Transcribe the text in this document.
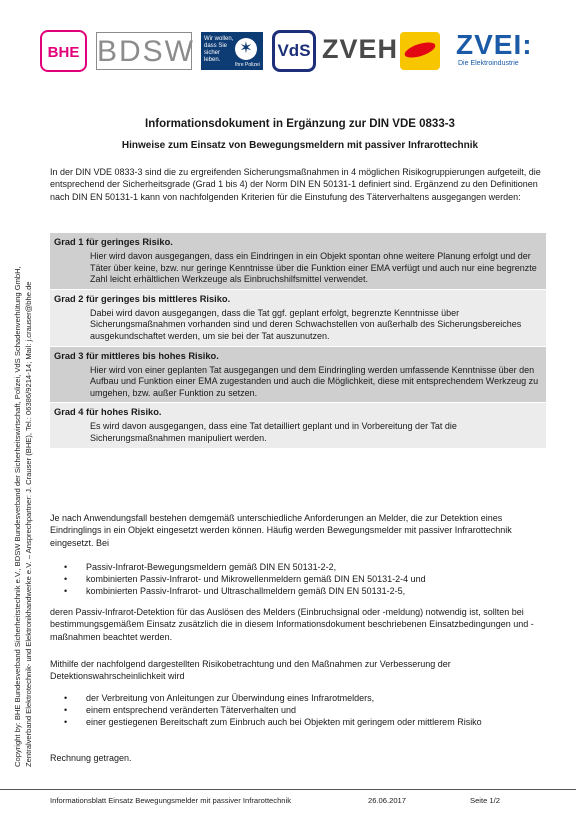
BHE BDSW Wir wollen, dass Sie sicher leben.
✶
Ihre Polizei
VdS ZVEH ZVEI:
Die Elektroindustrie
Copyright by: BHE Bundesverband Sicherheitstechnik e.V., BDSW Bundesverband der Sicherheitswirtschaft, Polizei, VdS Schadenverhütung GmbH, Zentralverband Elektrotechnik- und Elektronikhandwerke e.V. – Ansprechpartner: J. Crauser (BHE), Tel.: 06386/9214-14; Mail: j.crauser@bhe.de
Informationsdokument in Ergänzung zur DIN VDE 0833-3
Hinweise zum Einsatz von Bewegungsmeldern mit passiver Infrarottechnik
In der DIN VDE 0833-3 sind die zu ergreifenden Sicherungsmaßnahmen in 4 möglichen Risikogruppierungen aufgeteilt, die entsprechend der Sicherheitsgrade (Grad 1 bis 4) der Norm DIN EN 50131-1 definiert sind. Ergänzend zu den Definitionen nach DIN EN 50131-1 kann von nachfolgenden Kriterien für die Einstufung des Täterverhaltens ausgegangen werden:
Grad 1 für geringes Risiko.
Hier wird davon ausgegangen, dass ein Eindringen in ein Objekt spontan ohne weitere Planung erfolgt und der Täter über keine, bzw. nur geringe Kenntnisse über die Funktion einer EMA verfügt und auch nur eine begrenzte Zahl leicht erhältlichen Werkzeuge als Einbruchshilfsmittel verwendet.
Grad 2 für geringes bis mittleres Risiko.
Dabei wird davon ausgegangen, dass die Tat ggf. geplant erfolgt, begrenzte Kenntnisse über Sicherungsmaßnahmen vorhanden sind und deren Schwachstellen von außerhalb des Sicherungsbereiches ausgekundschaftet werden, um sie bei der Tat auszunutzen.
Grad 3 für mittleres bis hohes Risiko.
Hier wird von einer geplanten Tat ausgegangen und dem Eindringling werden umfassende Kenntnisse über den Aufbau und Funktion einer EMA zugestanden und auch die Möglichkeit, diese mit entsprechendem Werkzeug zu umgehen, bzw. außer Funktion zu setzen.
Grad 4 für hohes Risiko.
Es wird davon ausgegangen, dass eine Tat detailliert geplant und in Vorbereitung der Tat die Sicherungsmaßnahmen manipuliert werden.
Je nach Anwendungsfall bestehen demgemäß unterschiedliche Anforderungen an Melder, die zur Detektion eines Eindringlings in ein Objekt eingesetzt werden können. Häufig werden Bewegungsmelder mit passiver Infrarottechnik eingesetzt. Bei
• Passiv-Infrarot-Bewegungsmeldern gemäß DIN EN 50131-2-2,
• kombinierten Passiv-Infrarot- und Mikrowellenmeldern gemäß DIN EN 50131-2-4 und
• kombinierten Passiv-Infrarot- und Ultraschallmeldern gemäß DIN EN 50131-2-5,
deren Passiv-Infrarot-Detektion für das Auslösen des Melders (Einbruchsignal oder -meldung) notwendig ist, sollten bei bestimmungsgemäßem Einsatz zusätzlich die in diesem Informationsdokument beschriebenen Einsatzbedingungen und -maßnahmen beachtet werden.
Mithilfe der nachfolgend dargestellten Risikobetrachtung und den Maßnahmen zur Verbesserung der Detektionswahrscheinlichkeit wird
• der Verbreitung von Anleitungen zur Überwindung eines Infrarotmelders,
• einem entsprechend veränderten Täterverhalten und
• einer gestiegenen Bereitschaft zum Einbruch auch bei Objekten mit geringem oder mittlerem Risiko
Rechnung getragen.
Informationsblatt Einsatz Bewegungsmelder mit passiver Infrarottechnik	26.06.2017	Seite 1/2
